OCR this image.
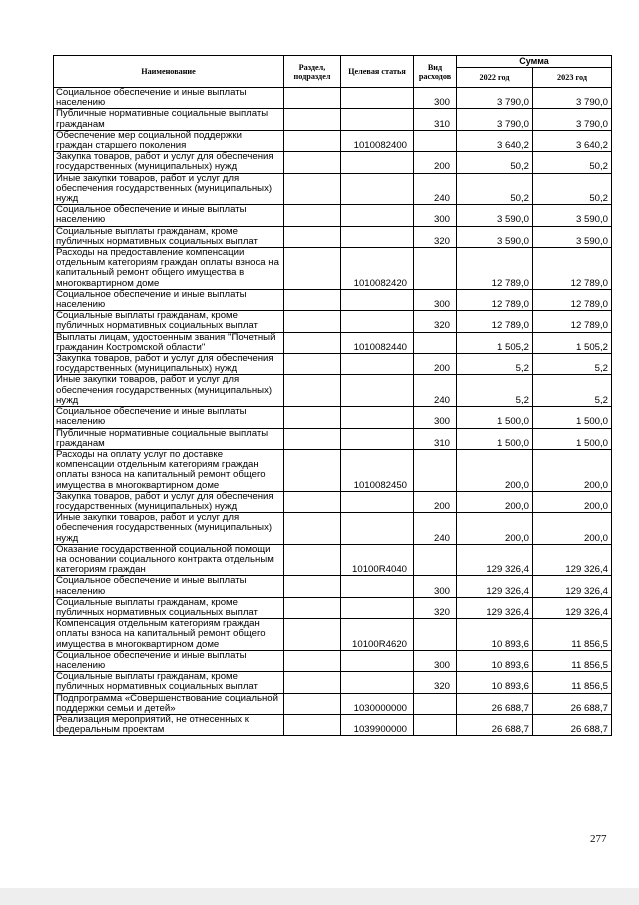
Наименование	Раздел, подраздел	Целевая статья	Вид расходов	Сумма	
				2022 год	2023 год
Социальное обеспечение и иные выплаты населению			300	3 790,0	3 790,0
Публичные нормативные социальные выплаты гражданам			310	3 790,0	3 790,0
Обеспечение мер социальной поддержки граждан старшего поколения		1010082400		3 640,2	3 640,2
Закупка товаров, работ и услуг для обеспечения государственных (муниципальных) нужд			200	50,2	50,2
Иные закупки товаров, работ и услуг для обеспечения государственных (муниципальных) нужд			240	50,2	50,2
Социальное обеспечение и иные выплаты населению			300	3 590,0	3 590,0
Социальные выплаты гражданам, кроме публичных нормативных социальных выплат			320	3 590,0	3 590,0
Расходы на предоставление компенсации отдельным категориям граждан оплаты взноса на капитальный ремонт общего имущества в многоквартирном доме		1010082420		12 789,0	12 789,0
Социальное обеспечение и иные выплаты населению			300	12 789,0	12 789,0
Социальные выплаты гражданам, кроме публичных нормативных социальных выплат			320	12 789,0	12 789,0
Выплаты лицам, удостоенным звания "Почетный гражданин Костромской области"		1010082440		1 505,2	1 505,2
Закупка товаров, работ и услуг для обеспечения государственных (муниципальных) нужд			200	5,2	5,2
Иные закупки товаров, работ и услуг для обеспечения государственных (муниципальных) нужд			240	5,2	5,2
Социальное обеспечение и иные выплаты населению			300	1 500,0	1 500,0
Публичные нормативные социальные выплаты гражданам			310	1 500,0	1 500,0
Расходы на оплату услуг по доставке компенсации отдельным категориям граждан оплаты взноса на капитальный ремонт общего имущества в многоквартирном доме		1010082450		200,0	200,0
Закупка товаров, работ и услуг для обеспечения государственных (муниципальных) нужд			200	200,0	200,0
Иные закупки товаров, работ и услуг для обеспечения государственных (муниципальных) нужд			240	200,0	200,0
Оказание государственной социальной помощи на основании социального контракта отдельным категориям граждан		10100R4040		129 326,4	129 326,4
Социальное обеспечение и иные выплаты населению			300	129 326,4	129 326,4
Социальные выплаты гражданам, кроме публичных нормативных социальных выплат			320	129 326,4	129 326,4
Компенсация отдельным категориям граждан оплаты взноса на капитальный ремонт общего имущества в многоквартирном доме		10100R4620		10 893,6	11 856,5
Социальное обеспечение и иные выплаты населению			300	10 893,6	11 856,5
Социальные выплаты гражданам, кроме публичных нормативных социальных выплат			320	10 893,6	11 856,5
Подпрограмма «Совершенствование социальной поддержки семьи и детей»		1030000000		26 688,7	26 688,7
Реализация мероприятий, не отнесенных к федеральным проектам		1039900000		26 688,7	26 688,7
277
